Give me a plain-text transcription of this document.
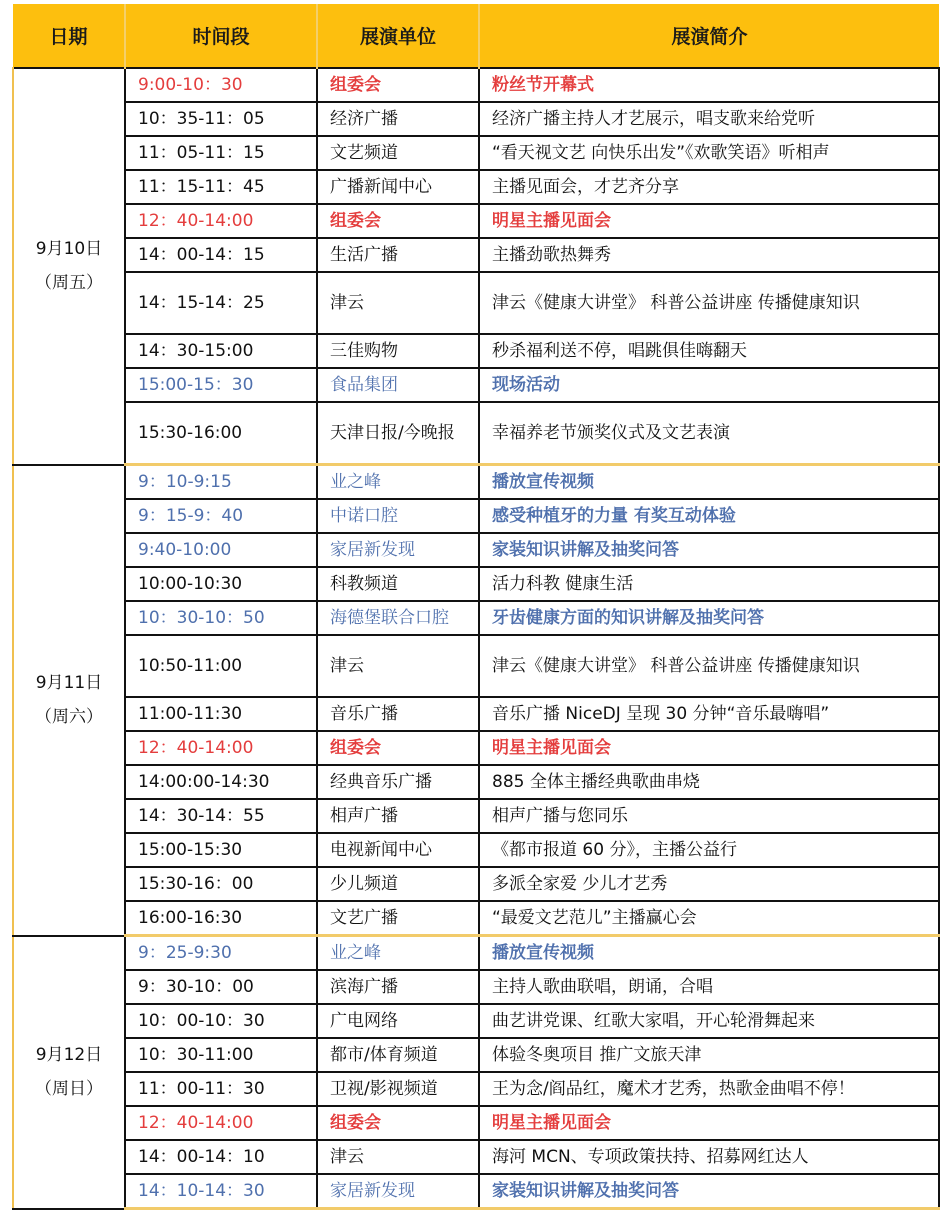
日期	时间段	展演单位	展演简介

9月10日
（周五）	9:00-10：30	组委会	粉丝节开幕式
	10：35-11：05	经济广播	经济广播主持人才艺展示，唱支歌来给党听
	11：05-11：15	文艺频道	“看天视文艺 向快乐出发”《欢歌笑语》听相声
	11：15-11：45	广播新闻中心	主播见面会，才艺齐分享
	12：40-14:00	组委会	明星主播见面会
	14：00-14：15	生活广播	主播劲歌热舞秀
	14：15-14：25	津云	津云《健康大讲堂》 科普公益讲座 传播健康知识
	14：30-15:00	三佳购物	秒杀福利送不停，唱跳俱佳嗨翻天
	15:00-15：30	食品集团	现场活动
	15:30-16:00	天津日报/今晚报	幸福养老节颁奖仪式及文艺表演

9月11日
（周六）	9：10-9:15	业之峰	播放宣传视频
	9：15-9：40	中诺口腔	感受种植牙的力量 有奖互动体验
	9:40-10:00	家居新发现	家装知识讲解及抽奖问答
	10:00-10:30	科教频道	活力科教 健康生活
	10：30-10：50	海德堡联合口腔	牙齿健康方面的知识讲解及抽奖问答
	10:50-11:00	津云	津云《健康大讲堂》 科普公益讲座 传播健康知识
	11:00-11:30	音乐广播	音乐广播 NiceDJ 呈现 30 分钟“音乐最嗨唱”
	12：40-14:00	组委会	明星主播见面会
	14:00:00-14:30	经典音乐广播	885 全体主播经典歌曲串烧
	14：30-14：55	相声广播	相声广播与您同乐
	15:00-15:30	电视新闻中心	《都市报道 60 分》，主播公益行
	15:30-16：00	少儿频道	多派全家爱 少儿才艺秀
	16:00-16:30	文艺广播	“最爱文艺范儿”主播赢心会

9月12日
（周日）	9：25-9:30	业之峰	播放宣传视频
	9：30-10：00	滨海广播	主持人歌曲联唱，朗诵，合唱
	10：00-10：30	广电网络	曲艺讲党课、红歌大家唱，开心轮滑舞起来
	10：30-11:00	都市/体育频道	体验冬奥项目 推广文旅天津
	11：00-11：30	卫视/影视频道	王为念/阎品红，魔术才艺秀，热歌金曲唱不停！
	12：40-14:00	组委会	明星主播见面会
	14：00-14：10	津云	海河 MCN、专项政策扶持、招募网红达人
	14：10-14：30	家居新发现	家装知识讲解及抽奖问答
